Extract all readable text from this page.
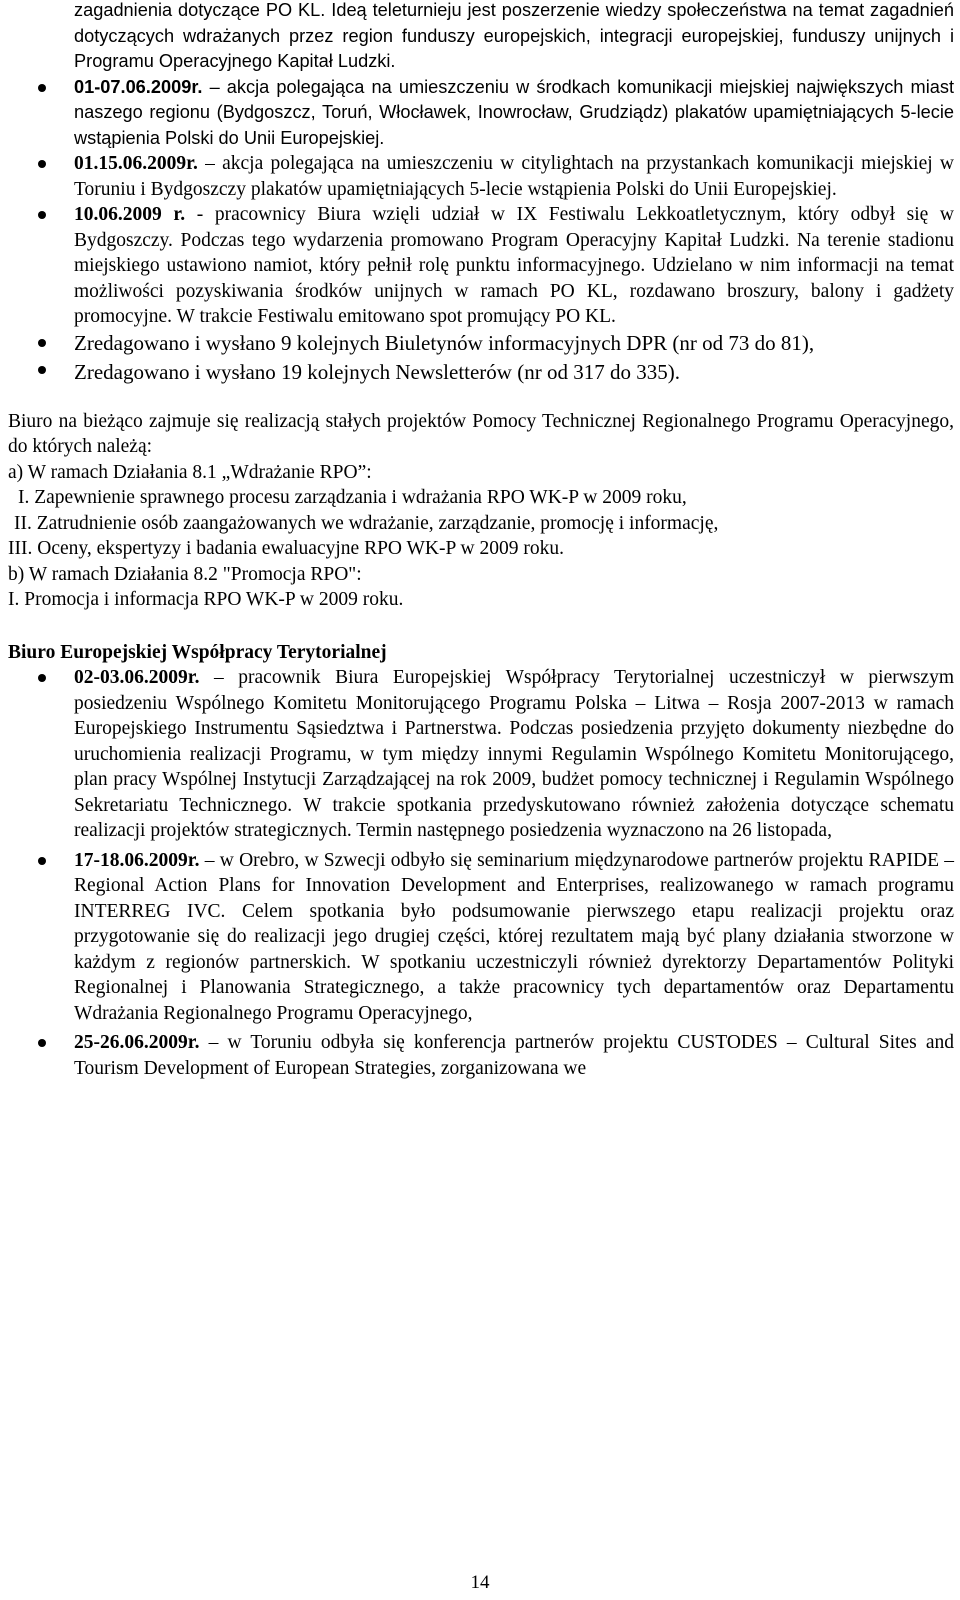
zagadnienia dotyczące PO KL. Ideą teleturnieju jest poszerzenie wiedzy społeczeństwa na temat zagadnień dotyczących wdrażanych przez region funduszy europejskich, integracji europejskiej, funduszy unijnych i Programu Operacyjnego Kapitał Ludzki.

01-07.06.2009r. – akcja polegająca na umieszczeniu w środkach komunikacji miejskiej największych miast naszego regionu (Bydgoszcz, Toruń, Włocławek, Inowrocław, Grudziądz) plakatów upamiętniających 5-lecie wstąpienia Polski do Unii Europejskiej.

01.15.06.2009r. – akcja polegająca na umieszczeniu w citylightach na przystankach komunikacji miejskiej w Toruniu i Bydgoszczy plakatów upamiętniających 5-lecie wstąpienia Polski do Unii Europejskiej.

10.06.2009 r. - pracownicy Biura wzięli udział w IX Festiwalu Lekkoatletycznym, który odbył się w Bydgoszczy. Podczas tego wydarzenia promowano Program Operacyjny Kapitał Ludzki. Na terenie stadionu miejskiego ustawiono namiot, który pełnił rolę punktu informacyjnego. Udzielano w nim informacji na temat możliwości pozyskiwania środków unijnych w ramach PO KL, rozdawano broszury, balony i gadżety promocyjne. W trakcie Festiwalu emitowano spot promujący PO KL.

Zredagowano i wysłano 9 kolejnych Biuletynów informacyjnych DPR (nr od 73 do 81),

Zredagowano i wysłano 19 kolejnych Newsletterów (nr od 317 do 335).

Biuro na bieżąco zajmuje się realizacją stałych projektów Pomocy Technicznej Regionalnego Programu Operacyjnego, do których należą:

a) W ramach Działania 8.1 „Wdrażanie RPO”:

I. Zapewnienie sprawnego procesu zarządzania i wdrażania RPO WK-P w 2009 roku,

II. Zatrudnienie osób zaangażowanych we wdrażanie, zarządzanie, promocję i informację,

III. Oceny, ekspertyzy i badania ewaluacyjne RPO WK-P w 2009 roku.

b) W ramach Działania 8.2 "Promocja RPO":

I. Promocja i informacja RPO WK-P w 2009 roku.

Biuro Europejskiej Współpracy Terytorialnej

02-03.06.2009r. – pracownik Biura Europejskiej Współpracy Terytorialnej uczestniczył w pierwszym posiedzeniu Wspólnego Komitetu Monitorującego Programu Polska – Litwa – Rosja 2007-2013 w ramach Europejskiego Instrumentu Sąsiedztwa i Partnerstwa. Podczas posiedzenia przyjęto dokumenty niezbędne do uruchomienia realizacji Programu, w tym między innymi Regulamin Wspólnego Komitetu Monitorującego, plan pracy Wspólnej Instytucji Zarządzającej na rok 2009, budżet pomocy technicznej i Regulamin Wspólnego Sekretariatu Technicznego. W trakcie spotkania przedyskutowano również założenia dotyczące schematu realizacji projektów strategicznych. Termin następnego posiedzenia wyznaczono na 26 listopada,

17-18.06.2009r. – w Orebro, w Szwecji odbyło się seminarium międzynarodowe partnerów projektu RAPIDE – Regional Action Plans for Innovation Development and Enterprises, realizowanego w ramach programu INTERREG IVC. Celem spotkania było podsumowanie pierwszego etapu realizacji projektu oraz przygotowanie się do realizacji jego drugiej części, której rezultatem mają być plany działania stworzone w każdym z regionów partnerskich. W spotkaniu uczestniczyli również dyrektorzy Departamentów Polityki Regionalnej i Planowania Strategicznego, a także pracownicy tych departamentów oraz Departamentu Wdrażania Regionalnego Programu Operacyjnego,

25-26.06.2009r. – w Toruniu odbyła się konferencja partnerów projektu CUSTODES – Cultural Sites and Tourism Development of European Strategies, zorganizowana we

14
